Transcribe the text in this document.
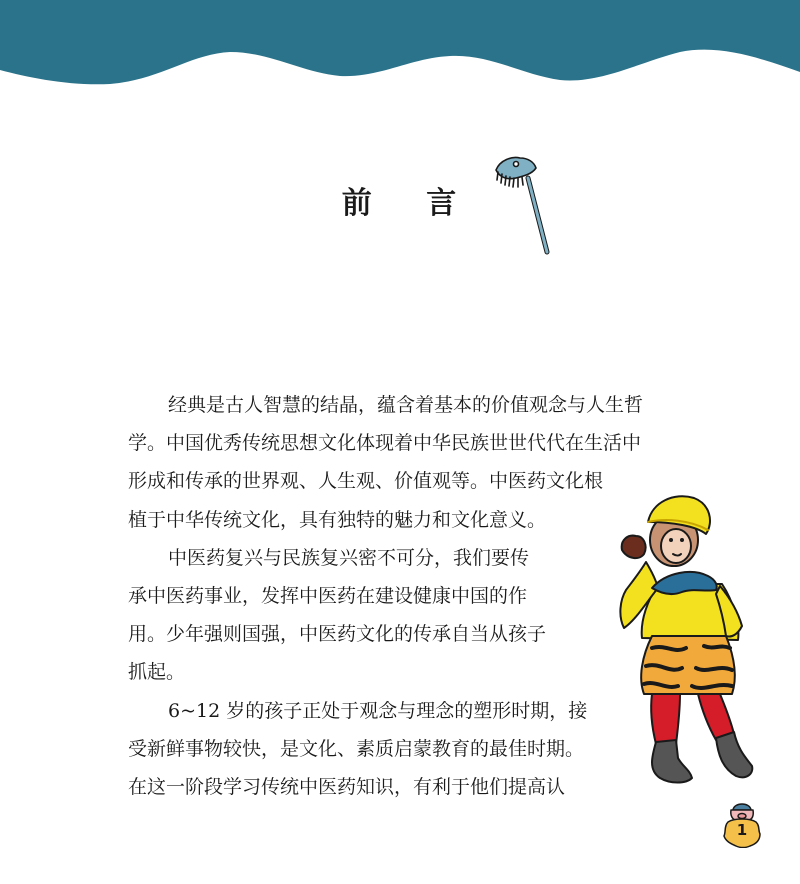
前 言
经典是古人智慧的结晶，蕴含着基本的价值观念与人生哲
学。中国优秀传统思想文化体现着中华民族世世代代在生活中
形成和传承的世界观、人生观、价值观等。中医药文化根
植于中华传统文化，具有独特的魅力和文化意义。
中医药复兴与民族复兴密不可分，我们要传
承中医药事业，发挥中医药在建设健康中国的作
用。少年强则国强，中医药文化的传承自当从孩子
抓起。
6~12 岁的孩子正处于观念与理念的塑形时期，接
受新鲜事物较快，是文化、素质启蒙教育的最佳时期。
在这一阶段学习传统中医药知识，有利于他们提高认
1
